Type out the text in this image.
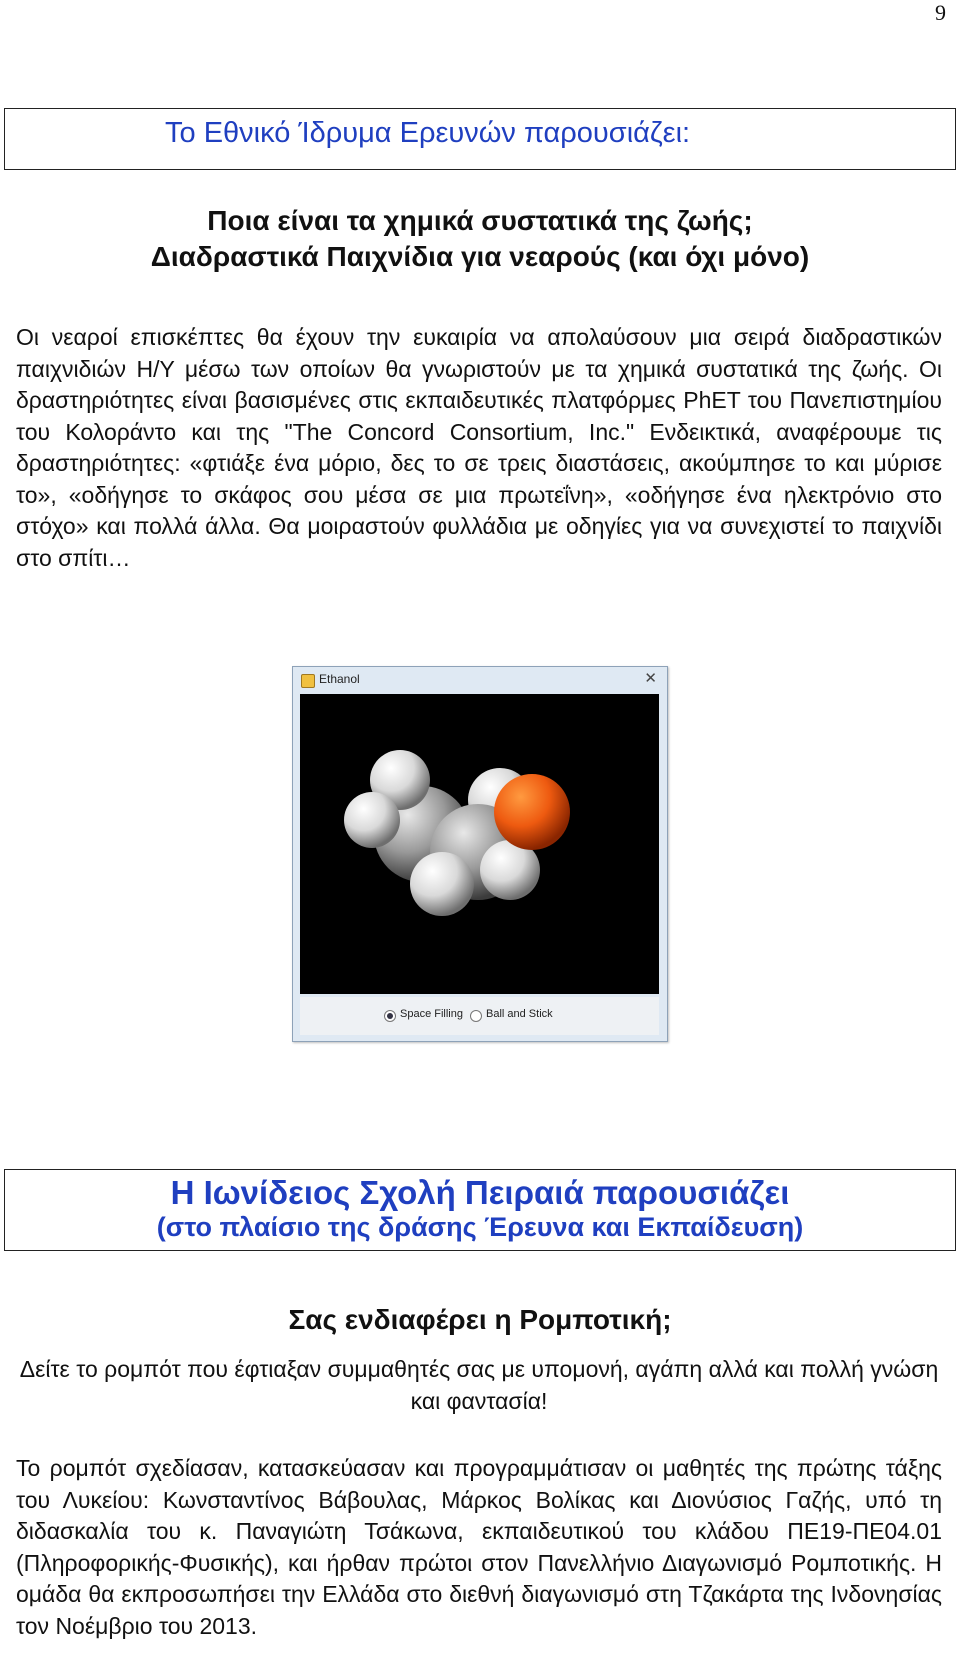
9
Το Εθνικό Ίδρυμα Ερευνών παρουσιάζει:
Ποια είναι τα χημικά συστατικά της ζωής;
Διαδραστικά Παιχνίδια για νεαρούς (και όχι μόνο)
Οι νεαροί επισκέπτες θα έχουν την ευκαιρία να απολαύσουν μια σειρά διαδραστικών παιχνιδιών Η/Υ μέσω των οποίων θα γνωριστούν με τα χημικά συστατικά της ζωής. Οι δραστηριότητες είναι βασισμένες στις εκπαιδευτικές πλατφόρμες PhET του Πανεπιστημίου του Κολοράντο και της "The Concord Consortium, Inc." Ενδεικτικά, αναφέρουμε τις δραστηριότητες: «φτιάξε ένα μόριο, δες το σε τρεις διαστάσεις, ακούμπησε το και μύρισε το», «οδήγησε το σκάφος σου μέσα σε μια πρωτεΐνη», «οδήγησε ένα ηλεκτρόνιο στο στόχο» και πολλά άλλα. Θα μοιραστούν φυλλάδια με οδηγίες για να συνεχιστεί το παιχνίδι στο σπίτι…
Ethanol	✕
Space Filling Ball and Stick
Η Ιωνίδειος Σχολή Πειραιά παρουσιάζει
(στο πλαίσιο της δράσης Έρευνα και Εκπαίδευση)
Σας ενδιαφέρει η Ρομποτική;
Δείτε το ρομπότ που έφτιαξαν συμμαθητές σας με υπομονή, αγάπη αλλά και πολλή γνώση και φαντασία!
Το ρομπότ σχεδίασαν, κατασκεύασαν και προγραμμάτισαν οι μαθητές της πρώτης τάξης του Λυκείου: Κωνσταντίνος Βάβουλας, Μάρκος Βολίκας και Διονύσιος Γαζής, υπό τη διδασκαλία του κ. Παναγιώτη Τσάκωνα, εκπαιδευτικού του κλάδου ΠΕ19-ΠΕ04.01 (Πληροφορικής-Φυσικής), και ήρθαν πρώτοι στον Πανελλήνιο Διαγωνισμό Ρομποτικής. Η ομάδα θα εκπροσωπήσει την Ελλάδα στο διεθνή διαγωνισμό στη Τζακάρτα της Ινδονησίας τον Νοέμβριο του 2013.
